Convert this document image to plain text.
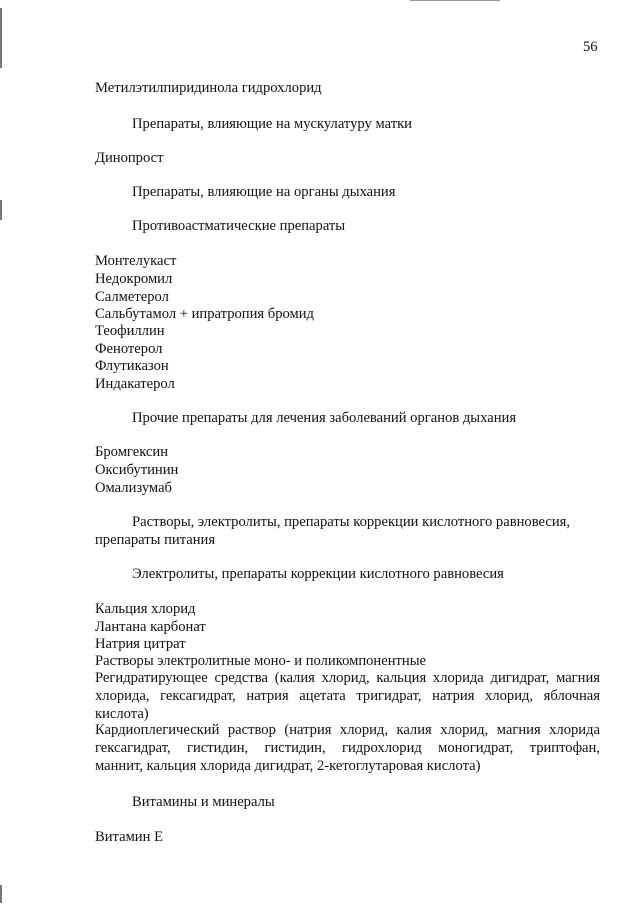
56
Метилэтилпиридинола гидрохлорид
Препараты, влияющие на мускулатуру матки
Динопрост
Препараты, влияющие на органы дыхания
Противоастматические препараты
Монтелукаст
Недокромил
Салметерол
Сальбутамол + ипратропия бромид
Теофиллин
Фенотерол
Флутиказон
Индакатерол
Прочие препараты для лечения заболеваний органов дыхания
Бромгексин
Оксибутинин
Омализумаб
Растворы, электролиты, препараты коррекции кислотного равновесия,
препараты питания
Электролиты, препараты коррекции кислотного равновесия
Кальция хлорид
Лантана карбонат
Натрия цитрат
Растворы электролитные моно- и поликомпонентные
Регидратирующее средства (калия хлорид, кальция хлорида дигидрат, магния
хлорида, гексагидрат, натрия ацетата тригидрат, натрия хлорид, яблочная
кислота)
Кардиоплегический раствор (натрия хлорид, калия хлорид, магния хлорида
гексагидрат, гистидин, гистидин, гидрохлорид моногидрат, триптофан,
маннит, кальция хлорида дигидрат, 2-кетоглутаровая кислота)
Витамины и минералы
Витамин Е
